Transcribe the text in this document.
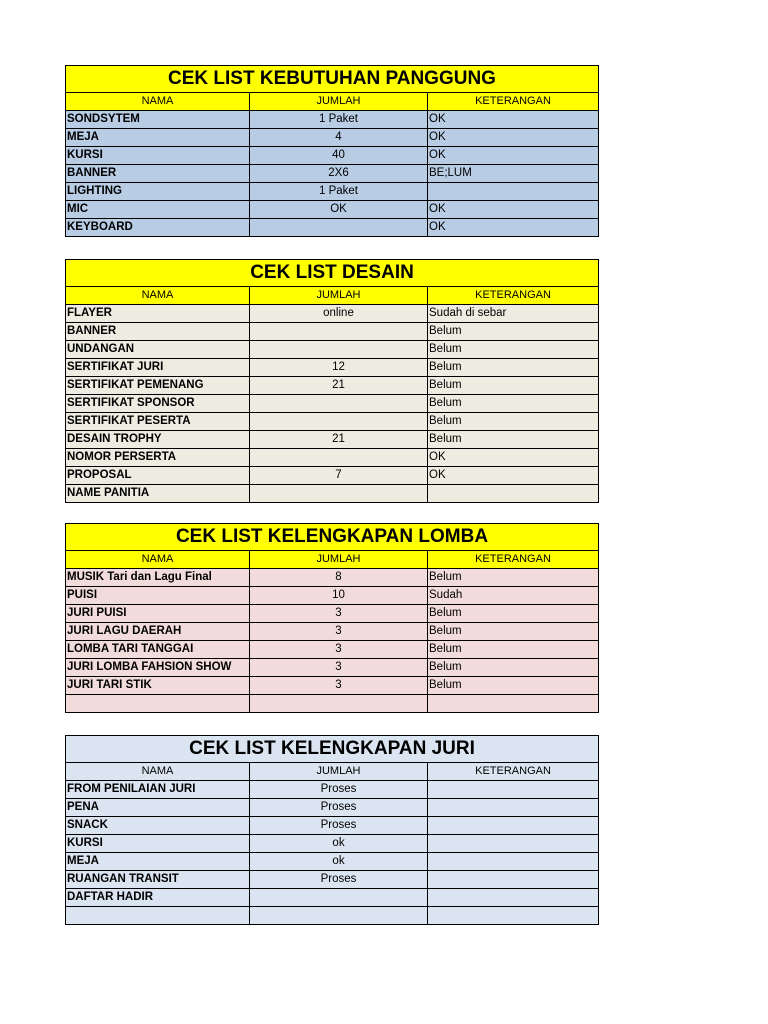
CEK LIST KEBUTUHAN PANGGUNG		
NAMA	JUMLAH	KETERANGAN
SONDSYTEM	1 Paket	OK
MEJA	4	OK
KURSI	40	OK
BANNER	2X6	BE;LUM
LIGHTING	1 Paket	
MIC	OK	OK
KEYBOARD		OK
CEK LIST DESAIN		
NAMA	JUMLAH	KETERANGAN
FLAYER	online	Sudah di sebar
BANNER		Belum
UNDANGAN		Belum
SERTIFIKAT JURI	12	Belum
SERTIFIKAT PEMENANG	21	Belum
SERTIFIKAT SPONSOR		Belum
SERTIFIKAT PESERTA		Belum
DESAIN TROPHY	21	Belum
NOMOR PERSERTA		OK
PROPOSAL	7	OK
NAME PANITIA		
CEK LIST KELENGKAPAN LOMBA		
NAMA	JUMLAH	KETERANGAN
MUSIK Tari dan Lagu Final	8	Belum
PUISI	10	Sudah
JURI PUISI	3	Belum
JURI LAGU DAERAH	3	Belum
LOMBA TARI TANGGAI	3	Belum
JURI LOMBA FAHSION SHOW	3	Belum
JURI TARI STIK	3	Belum

CEK LIST KELENGKAPAN JURI		
NAMA	JUMLAH	KETERANGAN
FROM PENILAIAN JURI	Proses	
PENA	Proses	
SNACK	Proses	
KURSI	ok	
MEJA	ok	
RUANGAN TRANSIT	Proses	
DAFTAR HADIR		
